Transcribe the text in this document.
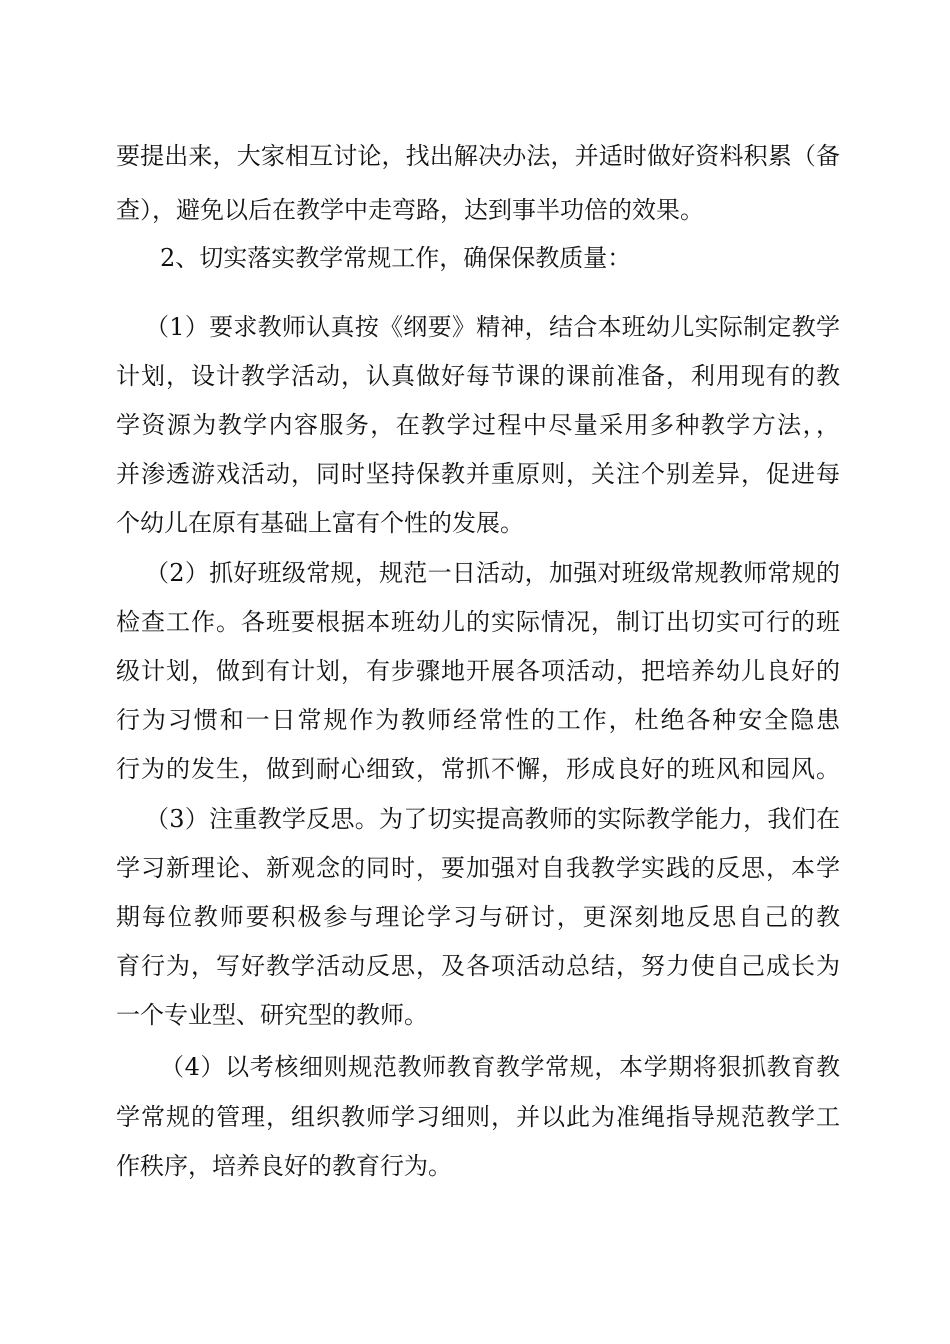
要提出来，大家相互讨论，找出解决办法，并适时做好资料积累（备
查），避免以后在教学中走弯路，达到事半功倍的效果。
2、切实落实教学常规工作，确保保教质量：
（1）要求教师认真按《纲要》精神，结合本班幼儿实际制定教学
计划，设计教学活动，认真做好每节课的课前准备，利用现有的教
学资源为教学内容服务，在教学过程中尽量采用多种教学方法，，
并渗透游戏活动，同时坚持保教并重原则，关注个别差异，促进每
个幼儿在原有基础上富有个性的发展。
（2）抓好班级常规，规范一日活动，加强对班级常规教师常规的
检查工作。各班要根据本班幼儿的实际情况，制订出切实可行的班
级计划，做到有计划，有步骤地开展各项活动，把培养幼儿良好的
行为习惯和一日常规作为教师经常性的工作，杜绝各种安全隐患
行为的发生，做到耐心细致，常抓不懈，形成良好的班风和园风。
（3）注重教学反思。为了切实提高教师的实际教学能力，我们在
学习新理论、新观念的同时，要加强对自我教学实践的反思，本学
期每位教师要积极参与理论学习与研讨，更深刻地反思自己的教
育行为，写好教学活动反思，及各项活动总结，努力使自己成长为
一个专业型、研究型的教师。
（4）以考核细则规范教师教育教学常规，本学期将狠抓教育教
学常规的管理，组织教师学习细则，并以此为准绳指导规范教学工
作秩序，培养良好的教育行为。
